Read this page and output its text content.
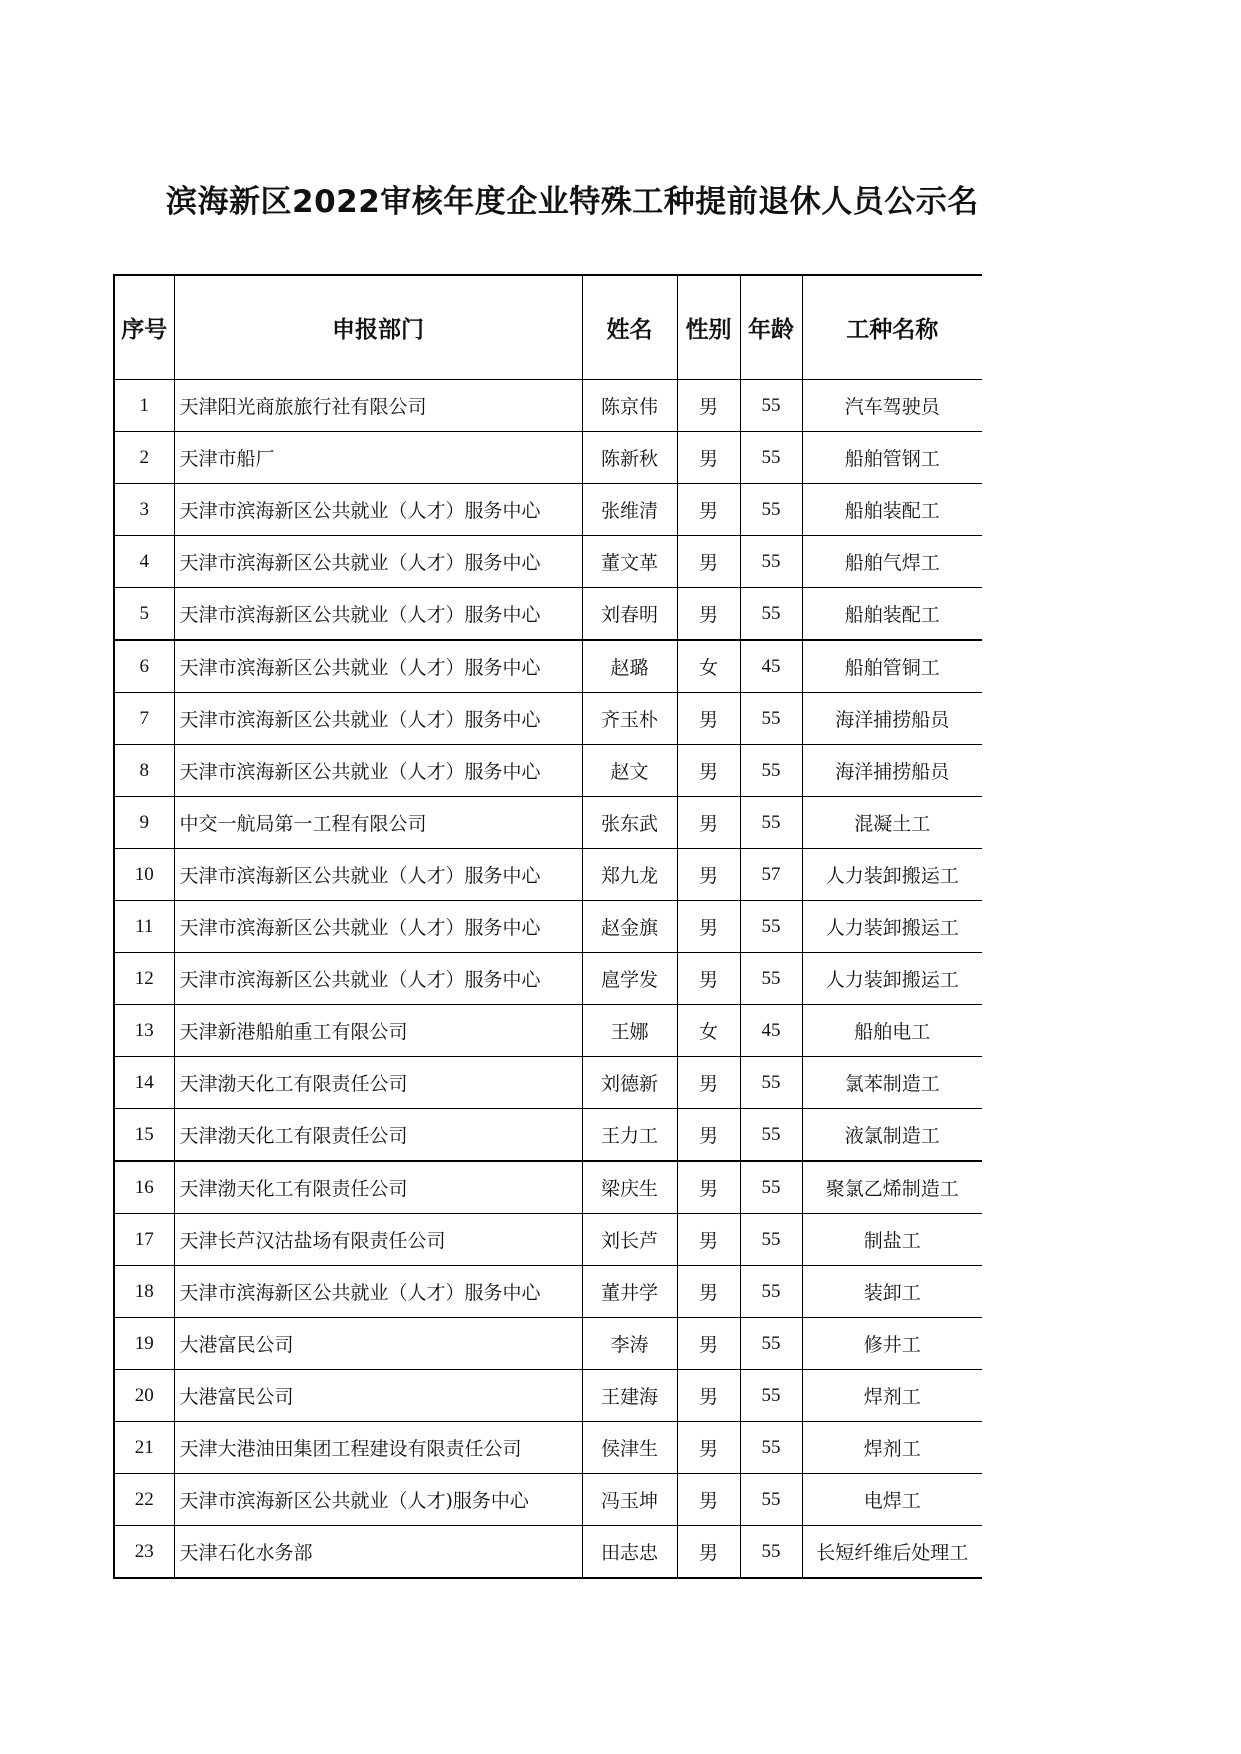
滨海新区2022审核年度企业特殊工种提前退休人员公示名
序号	申报部门	姓名	性别	年龄	工种名称
1	天津阳光商旅旅行社有限公司	陈京伟	男	55	汽车驾驶员
2	天津市船厂	陈新秋	男	55	船舶管钢工
3	天津市滨海新区公共就业（人才）服务中心	张维清	男	55	船舶装配工
4	天津市滨海新区公共就业（人才）服务中心	董文革	男	55	船舶气焊工
5	天津市滨海新区公共就业（人才）服务中心	刘春明	男	55	船舶装配工
6	天津市滨海新区公共就业（人才）服务中心	赵璐	女	45	船舶管铜工
7	天津市滨海新区公共就业（人才）服务中心	齐玉朴	男	55	海洋捕捞船员
8	天津市滨海新区公共就业（人才）服务中心	赵文	男	55	海洋捕捞船员
9	中交一航局第一工程有限公司	张东武	男	55	混凝土工
10	天津市滨海新区公共就业（人才）服务中心	郑九龙	男	57	人力装卸搬运工
11	天津市滨海新区公共就业（人才）服务中心	赵金旗	男	55	人力装卸搬运工
12	天津市滨海新区公共就业（人才）服务中心	扈学发	男	55	人力装卸搬运工
13	天津新港船舶重工有限公司	王娜	女	45	船舶电工
14	天津渤天化工有限责任公司	刘德新	男	55	氯苯制造工
15	天津渤天化工有限责任公司	王力工	男	55	液氯制造工
16	天津渤天化工有限责任公司	梁庆生	男	55	聚氯乙烯制造工
17	天津长芦汉沽盐场有限责任公司	刘长芦	男	55	制盐工
18	天津市滨海新区公共就业（人才）服务中心	董井学	男	55	装卸工
19	大港富民公司	李涛	男	55	修井工
20	大港富民公司	王建海	男	55	焊剂工
21	天津大港油田集团工程建设有限责任公司	侯津生	男	55	焊剂工
22	天津市滨海新区公共就业（人才)服务中心	冯玉坤	男	55	电焊工
23	天津石化水务部	田志忠	男	55	长短纤维后处理工
